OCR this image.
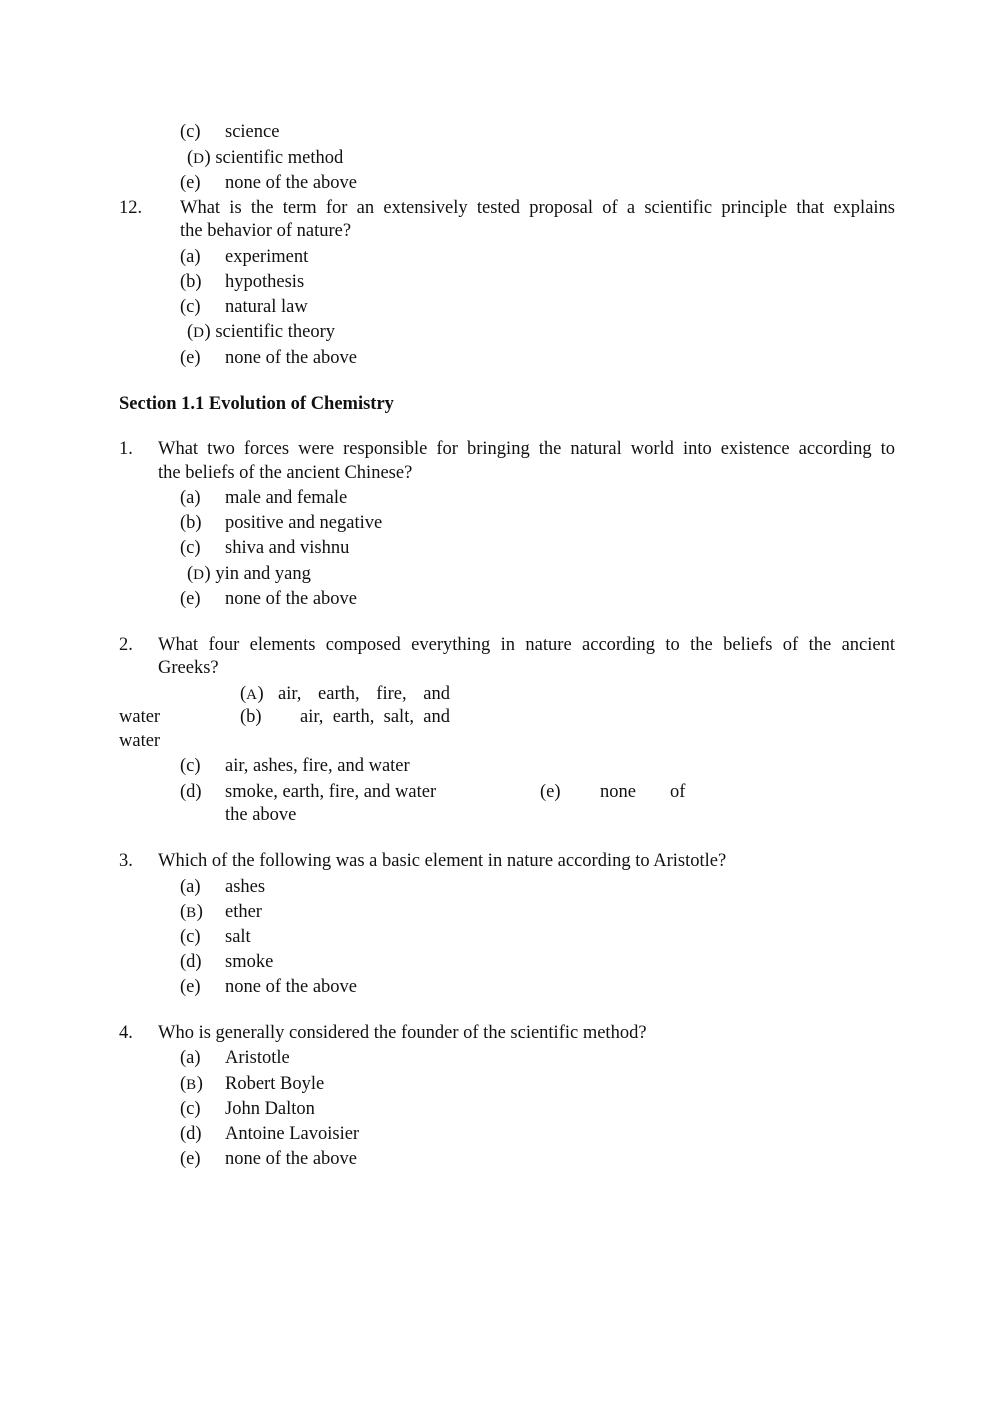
(c) science
(D) scientific method
(e) none of the above
12. What is the term for an extensively tested proposal of a scientific principle that explains
the behavior of nature?
(a) experiment
(b) hypothesis
(c) natural law
(D) scientific theory
(e) none of the above
Section 1.1 Evolution of Chemistry
1. What two forces were responsible for bringing the natural world into existence according to
the beliefs of the ancient Chinese?
(a) male and female
(b) positive and negative
(c) shiva and vishnu
(D) yin and yang
(e) none of the above
2. What four elements composed everything in nature according to the beliefs of the ancient
Greeks?
(A) air, earth, fire, and
water	(b) air, earth, salt, and
water
(c) air, ashes, fire, and water
(d) smoke, earth, fire, and water	(e) none of
the above
3. Which of the following was a basic element in nature according to Aristotle?
(a) ashes
(B) ether
(c) salt
(d) smoke
(e) none of the above
4. Who is generally considered the founder of the scientific method?
(a) Aristotle
(B) Robert Boyle
(c) John Dalton
(d) Antoine Lavoisier
(e) none of the above
